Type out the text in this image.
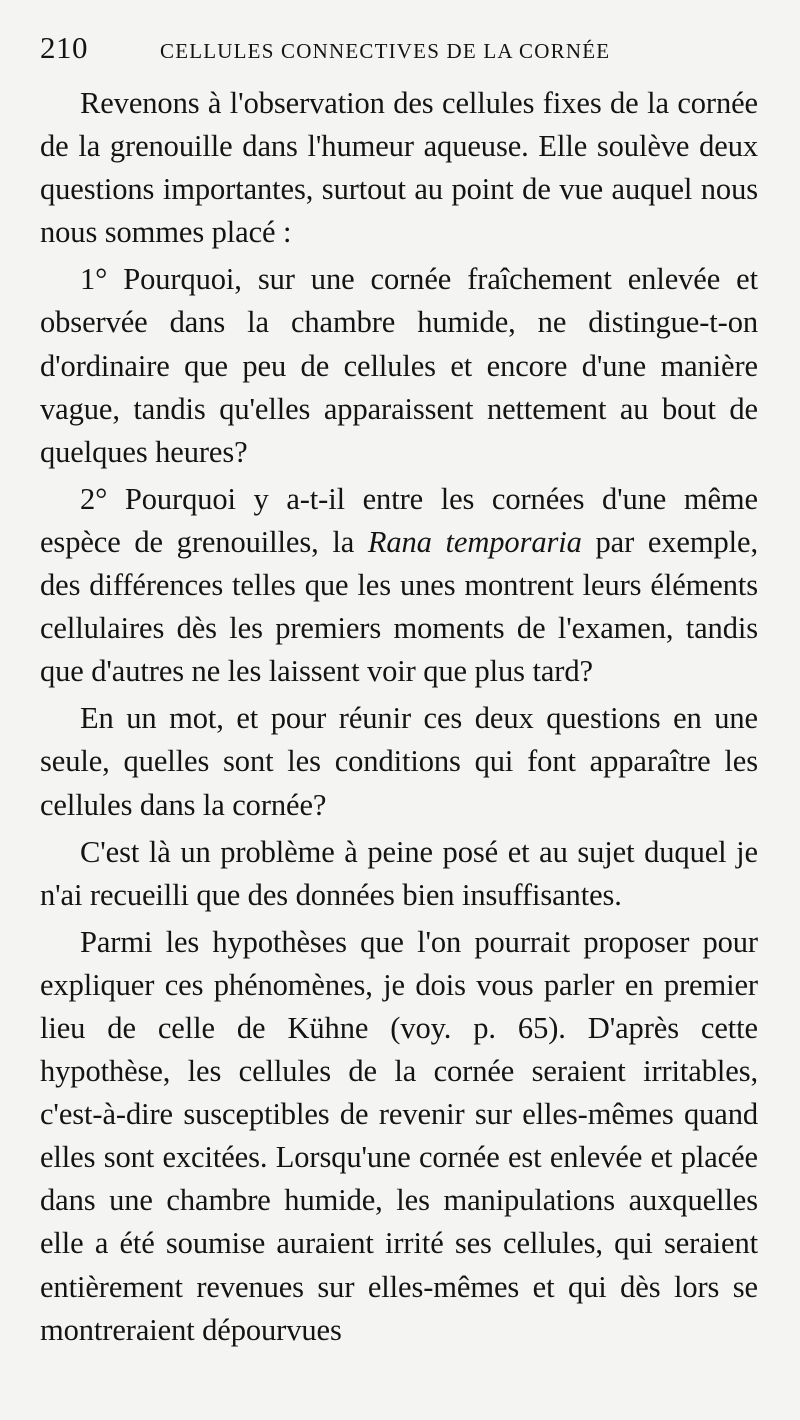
210	CELLULES CONNECTIVES DE LA CORNÉE

Revenons à l'observation des cellules fixes de la cornée de la grenouille dans l'humeur aqueuse. Elle soulève deux questions importantes, surtout au point de vue auquel nous nous sommes placé :

1° Pourquoi, sur une cornée fraîchement enlevée et observée dans la chambre humide, ne distingue-t-on d'ordinaire que peu de cellules et encore d'une manière vague, tandis qu'elles apparaissent nettement au bout de quelques heures?

2° Pourquoi y a-t-il entre les cornées d'une même espèce de grenouilles, la Rana temporaria par exemple, des différences telles que les unes montrent leurs éléments cellulaires dès les premiers moments de l'examen, tandis que d'autres ne les laissent voir que plus tard?

En un mot, et pour réunir ces deux questions en une seule, quelles sont les conditions qui font apparaître les cellules dans la cornée?

C'est là un problème à peine posé et au sujet duquel je n'ai recueilli que des données bien insuffisantes.

Parmi les hypothèses que l'on pourrait proposer pour expliquer ces phénomènes, je dois vous parler en premier lieu de celle de Kühne (voy. p. 65). D'après cette hypothèse, les cellules de la cornée seraient irritables, c'est-à-dire susceptibles de revenir sur elles-mêmes quand elles sont excitées. Lorsqu'une cornée est enlevée et placée dans une chambre humide, les manipulations auxquelles elle a été soumise auraient irrité ses cellules, qui seraient entièrement revenues sur elles-mêmes et qui dès lors se montreraient dépourvues
